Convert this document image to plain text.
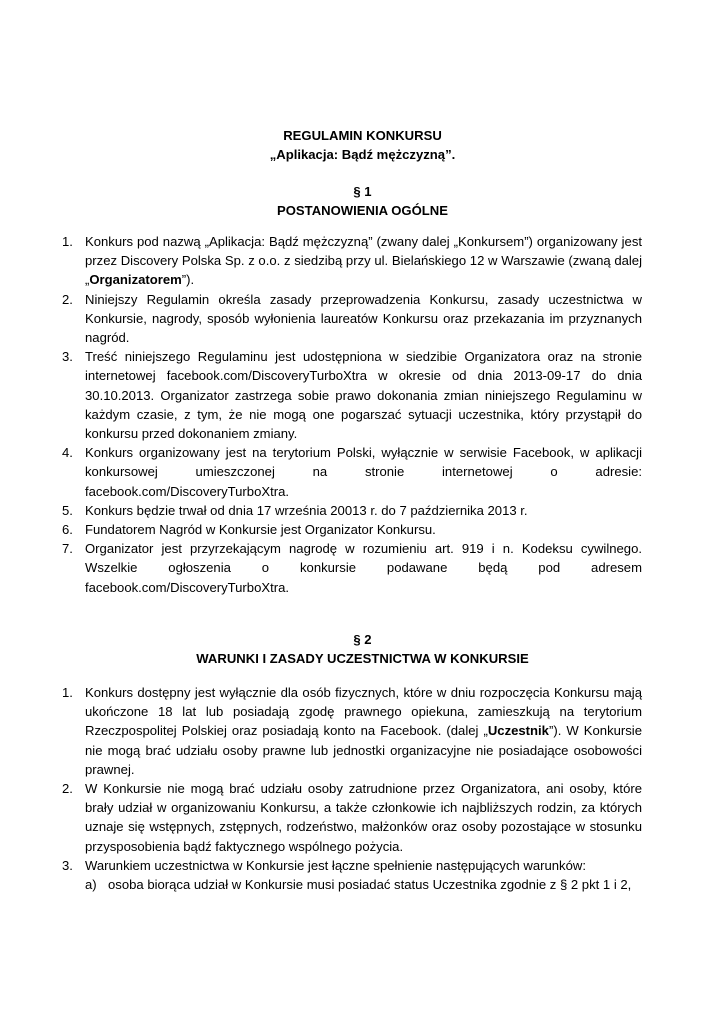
REGULAMIN KONKURSU

„Aplikacja: Bądź mężczyzną”.

§ 1

POSTANOWIENIA OGÓLNE

1. Konkurs pod nazwą „Aplikacja: Bądź mężczyzną” (zwany dalej „Konkursem”) organizowany jest przez Discovery Polska Sp. z o.o. z siedzibą przy ul. Bielańskiego 12 w Warszawie (zwaną dalej „Organizatorem”).
2. Niniejszy Regulamin określa zasady przeprowadzenia Konkursu, zasady uczestnictwa w Konkursie, nagrody, sposób wyłonienia laureatów Konkursu oraz przekazania im przyznanych nagród.
3. Treść niniejszego Regulaminu jest udostępniona w siedzibie Organizatora oraz na stronie internetowej facebook.com/DiscoveryTurboXtra w okresie od dnia 2013-09-17 do dnia 30.10.2013. Organizator zastrzega sobie prawo dokonania zmian niniejszego Regulaminu w każdym czasie, z tym, że nie mogą one pogarszać sytuacji uczestnika, który przystąpił do konkursu przed dokonaniem zmiany.
4. Konkurs organizowany jest na terytorium Polski, wyłącznie w serwisie Facebook, w aplikacji konkursowej umieszczonej na stronie internetowej o adresie: facebook.com/DiscoveryTurboXtra.
5. Konkurs będzie trwał od dnia 17 września 20013 r. do 7 października 2013 r.
6. Fundatorem Nagród w Konkursie jest Organizator Konkursu.
7. Organizator jest przyrzekającym nagrodę w rozumieniu art. 919 i n. Kodeksu cywilnego. Wszelkie ogłoszenia o konkursie podawane będą pod adresem facebook.com/DiscoveryTurboXtra.

§ 2

WARUNKI I ZASADY UCZESTNICTWA W KONKURSIE

1. Konkurs dostępny jest wyłącznie dla osób fizycznych, które w dniu rozpoczęcia Konkursu mają ukończone 18 lat lub posiadają zgodę prawnego opiekuna, zamieszkują na terytorium Rzeczpospolitej Polskiej oraz posiadają konto na Facebook. (dalej „Uczestnik”). W Konkursie nie mogą brać udziału osoby prawne lub jednostki organizacyjne nie posiadające osobowości prawnej.
2. W Konkursie nie mogą brać udziału osoby zatrudnione przez Organizatora, ani osoby, które brały udział w organizowaniu Konkursu, a także członkowie ich najbliższych rodzin, za których uznaje się wstępnych, zstępnych, rodzeństwo, małżonków oraz osoby pozostające w stosunku przysposobienia bądź faktycznego wspólnego pożycia.
3. Warunkiem uczestnictwa w Konkursie jest łączne spełnienie następujących warunków:
a) osoba biorąca udział w Konkursie musi posiadać status Uczestnika zgodnie z § 2 pkt 1 i 2,
